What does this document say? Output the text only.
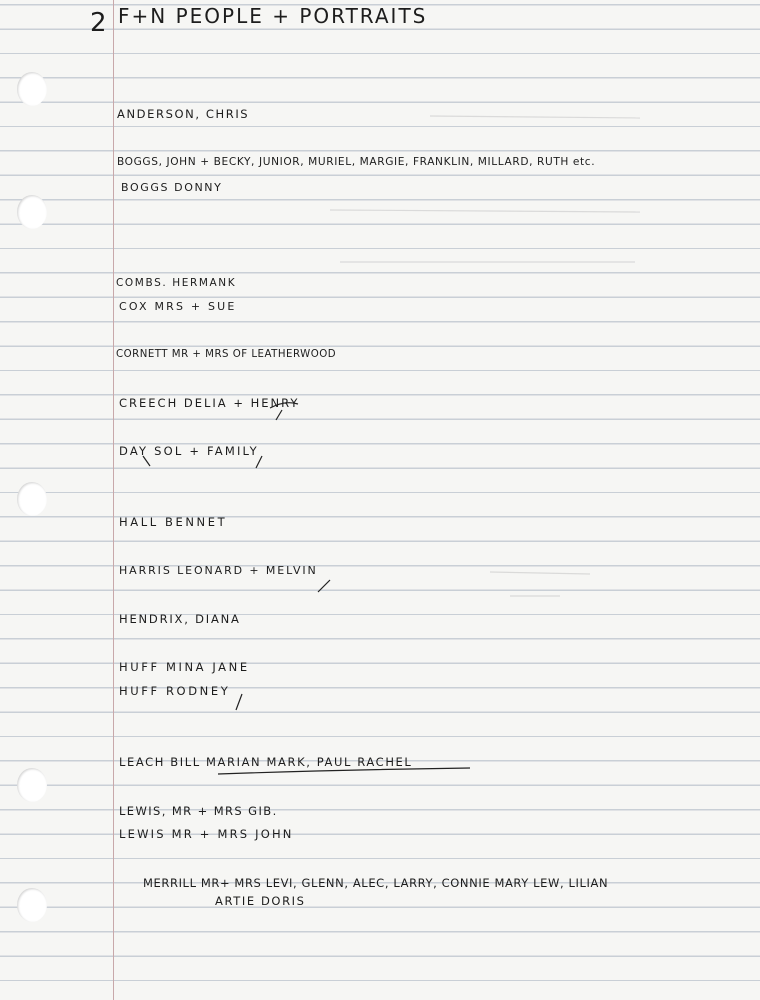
2 F+N PEOPLE + PORTRAITS
ANDERSON, CHRIS
BOGGS, JOHN + BECKY, JUNIOR, MURIEL, MARGIE, FRANKLIN, MILLARD, RUTH etc.
BOGGS DONNY
COMBS. HERMANK
COX MRS + SUE
CORNETT MR + MRS OF LEATHERWOOD
CREECH DELIA + HENRY
DAY SOL + FAMILY
HALL BENNET
HARRIS LEONARD + MELVIN
HENDRIX, DIANA
HUFF MINA JANE
HUFF RODNEY
LEACH BILL MARIAN MARK, PAUL RACHEL
LEWIS, MR + MRS GIB.
LEWIS MR + MRS JOHN
MERRILL MR+ MRS LEVI, GLENN, ALEC, LARRY, CONNIE MARY LEW, LILIAN
ARTIE DORIS
